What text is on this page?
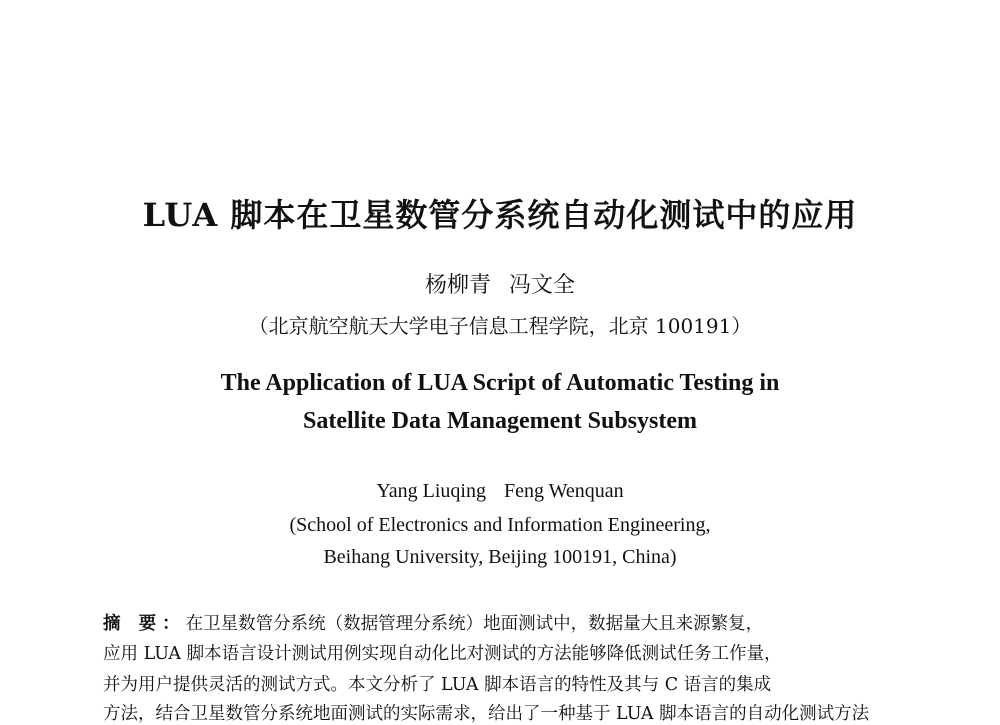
LUA 脚本在卫星数管分系统自动化测试中的应用
杨柳青 冯文全
（北京航空航天大学电子信息工程学院，北京 100191）
The Application of LUA Script of Automatic Testing in
Satellite Data Management Subsystem
Yang Liuqing Feng Wenquan
(School of Electronics and Information Engineering,
Beihang University, Beijing 100191, China)
摘 要：在卫星数管分系统（数据管理分系统）地面测试中，数据量大且来源繁复，
应用 LUA 脚本语言设计测试用例实现自动化比对测试的方法能够降低测试任务工作量，
并为用户提供灵活的测试方式。本文分析了 LUA 脚本语言的特性及其与 C 语言的集成
方法，结合卫星数管分系统地面测试的实际需求，给出了一种基于 LUA 脚本语言的自动化测试方法
